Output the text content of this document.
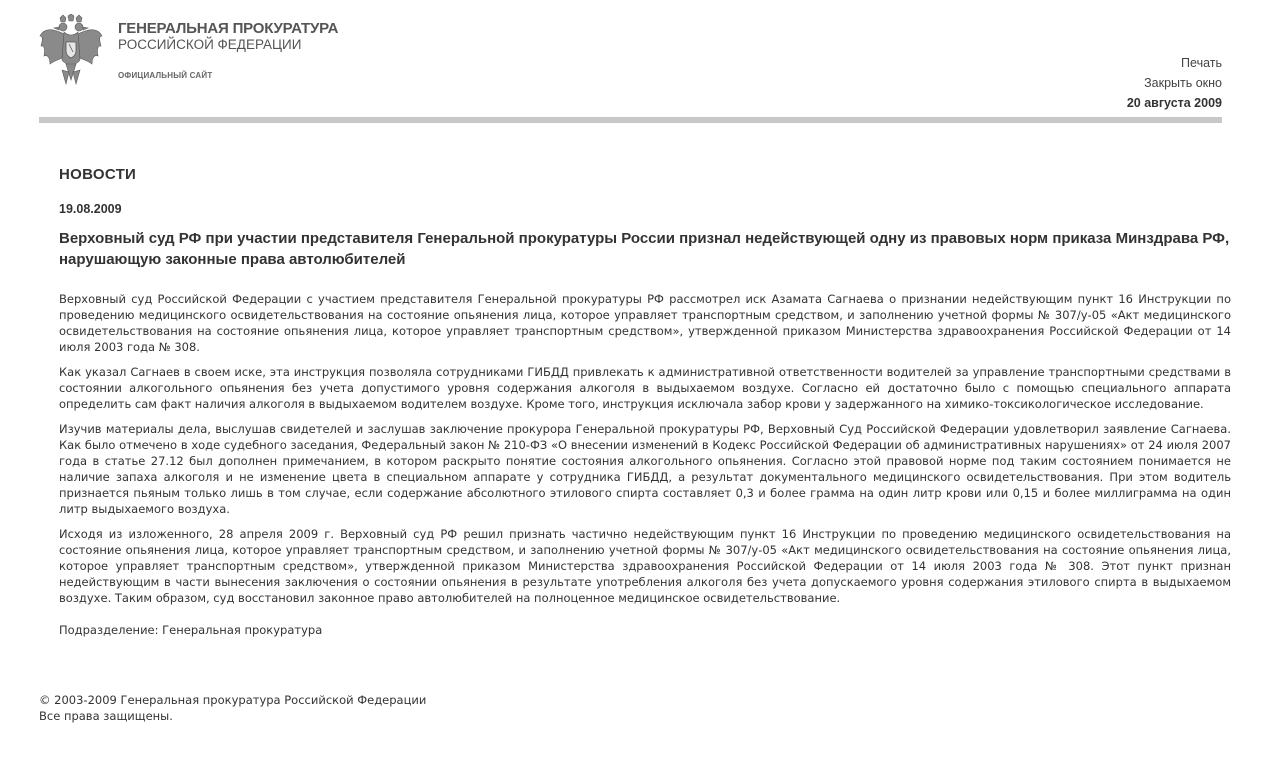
ГЕНЕРАЛЬНАЯ ПРОКУРАТУРА
РОССИЙСКОЙ ФЕДЕРАЦИИ
ОФИЦИАЛЬНЫЙ САЙТ
Печать
Закрыть окно
20 августа 2009
НОВОСТИ
19.08.2009
Верховный суд РФ при участии представителя Генеральной прокуратуры России признал недействующей одну из правовых норм приказа Минздрава РФ, нарушающую законные права автолюбителей

Верховный суд Российской Федерации с участием представителя Генеральной прокуратуры РФ рассмотрел иск Азамата Сагнаева о признании недействующим пункт 16 Инструкции по проведению медицинского освидетельствования на состояние опьянения лица, которое управляет транспортным средством, и заполнению учетной формы № 307/у-05 «Акт медицинского освидетельствования на состояние опьянения лица, которое управляет транспортным средством», утвержденной приказом Министерства здравоохранения Российской Федерации от 14 июля 2003 года № 308.

Как указал Сагнаев в своем иске, эта инструкция позволяла сотрудниками ГИБДД привлекать к административной ответственности водителей за управление транспортными средствами в состоянии алкогольного опьянения без учета допустимого уровня содержания алкоголя в выдыхаемом воздухе. Согласно ей достаточно было с помощью специального аппарата определить сам факт наличия алкоголя в выдыхаемом водителем воздухе. Кроме того, инструкция исключала забор крови у задержанного на химико-токсикологическое исследование.

Изучив материалы дела, выслушав свидетелей и заслушав заключение прокурора Генеральной прокуратуры РФ, Верховный Суд Российской Федерации удовлетворил заявление Сагнаева. Как было отмечено в ходе судебного заседания, Федеральный закон № 210-ФЗ «О внесении изменений в Кодекс Российской Федерации об административных нарушениях» от 24 июля 2007 года в статье 27.12 был дополнен примечанием, в котором раскрыто понятие состояния алкогольного опьянения. Согласно этой правовой норме под таким состоянием понимается не наличие запаха алкоголя и не изменение цвета в специальном аппарате у сотрудника ГИБДД, а результат документального медицинского освидетельствования. При этом водитель признается пьяным только лишь в том случае, если содержание абсолютного этилового спирта составляет 0,3 и более грамма на один литр крови или 0,15 и более миллиграмма на один литр выдыхаемого воздуха.

Исходя из изложенного, 28 апреля 2009 г. Верховный суд РФ решил признать частично недействующим пункт 16 Инструкции по проведению медицинского освидетельствования на состояние опьянения лица, которое управляет транспортным средством, и заполнению учетной формы № 307/у-05 «Акт медицинского освидетельствования на состояние опьянения лица, которое управляет транспортным средством», утвержденной приказом Министерства здравоохранения Российской Федерации от 14 июля 2003 года № 308. Этот пункт признан недействующим в части вынесения заключения о состоянии опьянения в результате употребления алкоголя без учета допускаемого уровня содержания этилового спирта в выдыхаемом воздухе. Таким образом, суд восстановил законное право автолюбителей на полноценное медицинское освидетельствование.

Подразделение: Генеральная прокуратура
© 2003-2009 Генеральная прокуратура Российской Федерации
Все права защищены.
